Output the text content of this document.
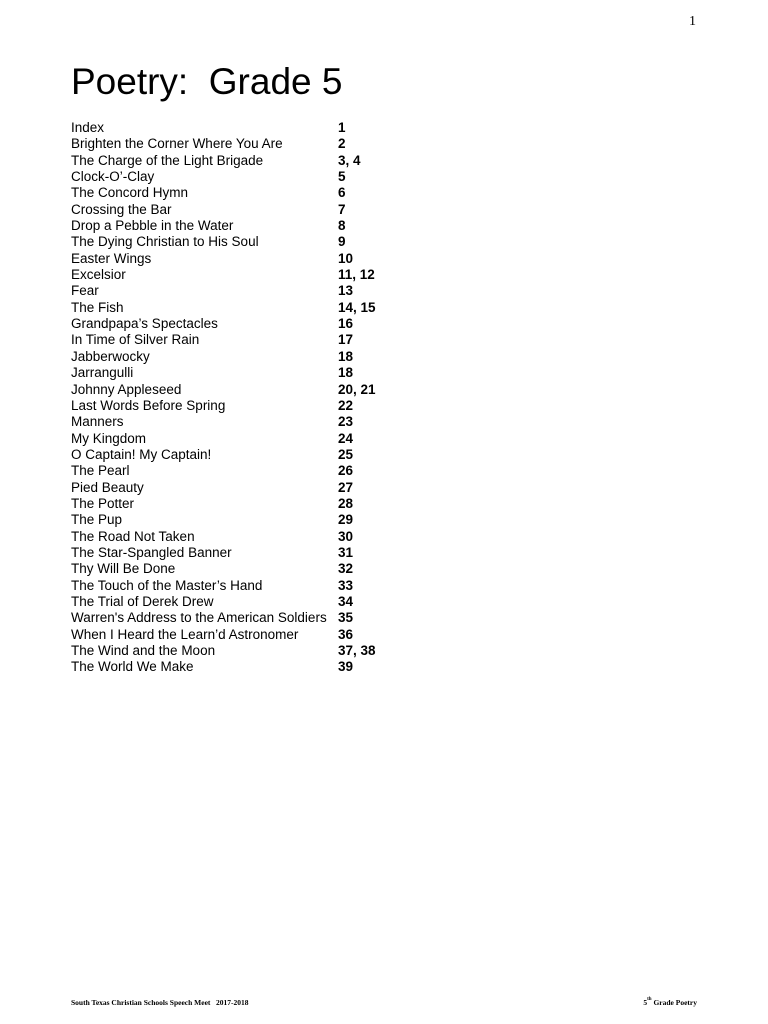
1
Poetry:  Grade 5
Index	1
Brighten the Corner Where You Are	2
The Charge of the Light Brigade	3, 4
Clock-O’-Clay	5
The Concord Hymn	6
Crossing the Bar	7
Drop a Pebble in the Water	8
The Dying Christian to His Soul	9
Easter Wings	10
Excelsior	11, 12
Fear	13
The Fish	14, 15
Grandpapa’s Spectacles	16
In Time of Silver Rain	17
Jabberwocky	18
Jarrangulli	18
Johnny Appleseed	20, 21
Last Words Before Spring	22
Manners	23
My Kingdom	24
O Captain! My Captain!	25
The Pearl	26
Pied Beauty	27
The Potter	28
The Pup	29
The Road Not Taken	30
The Star-Spangled Banner	31
Thy Will Be Done	32
The Touch of the Master’s Hand	33
The Trial of Derek Drew	34
Warren's Address to the American Soldiers 35
When I Heard the Learn’d Astronomer	36
The Wind and the Moon	37, 38
The World We Make	39
South Texas Christian Schools Speech Meet   2017-2018	5th Grade Poetry
